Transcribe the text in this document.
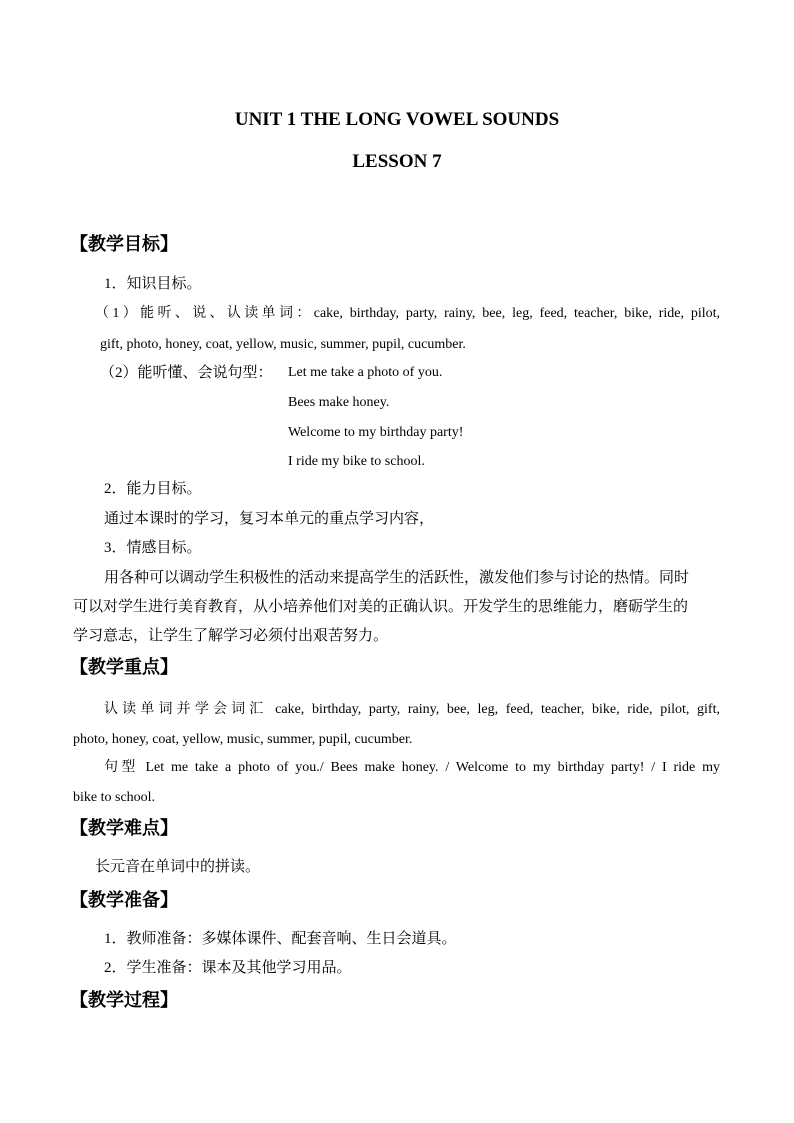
UNIT 1 THE LONG VOWEL SOUNDS
LESSON 7
【教学目标】
1．知识目标。
（1）能听、说、认读单词：cake, birthday, party, rainy, bee, leg, feed, teacher, bike, ride, pilot,
gift, photo, honey, coat, yellow, music, summer, pupil, cucumber.
（2）能听懂、会说句型： Let me take a photo of you.
Bees make honey.
Welcome to my birthday party!
I ride my bike to school.
2．能力目标。
通过本课时的学习，复习本单元的重点学习内容，
3．情感目标。
用各种可以调动学生积极性的活动来提高学生的活跃性，激发他们参与讨论的热情。同时
可以对学生进行美育教育，从小培养他们对美的正确认识。开发学生的思维能力，磨砺学生的
学习意志，让学生了解学习必须付出艰苦努力。
【教学重点】
认读单词并学会词汇 cake, birthday, party, rainy, bee, leg, feed, teacher, bike, ride, pilot, gift,
photo, honey, coat, yellow, music, summer, pupil, cucumber.
句型 Let me take a photo of you./ Bees make honey. / Welcome to my birthday party! / I ride my
bike to school.
【教学难点】
长元音在单词中的拼读。
【教学准备】
1．教师准备：多媒体课件、配套音响、生日会道具。
2．学生准备：课本及其他学习用品。
【教学过程】
